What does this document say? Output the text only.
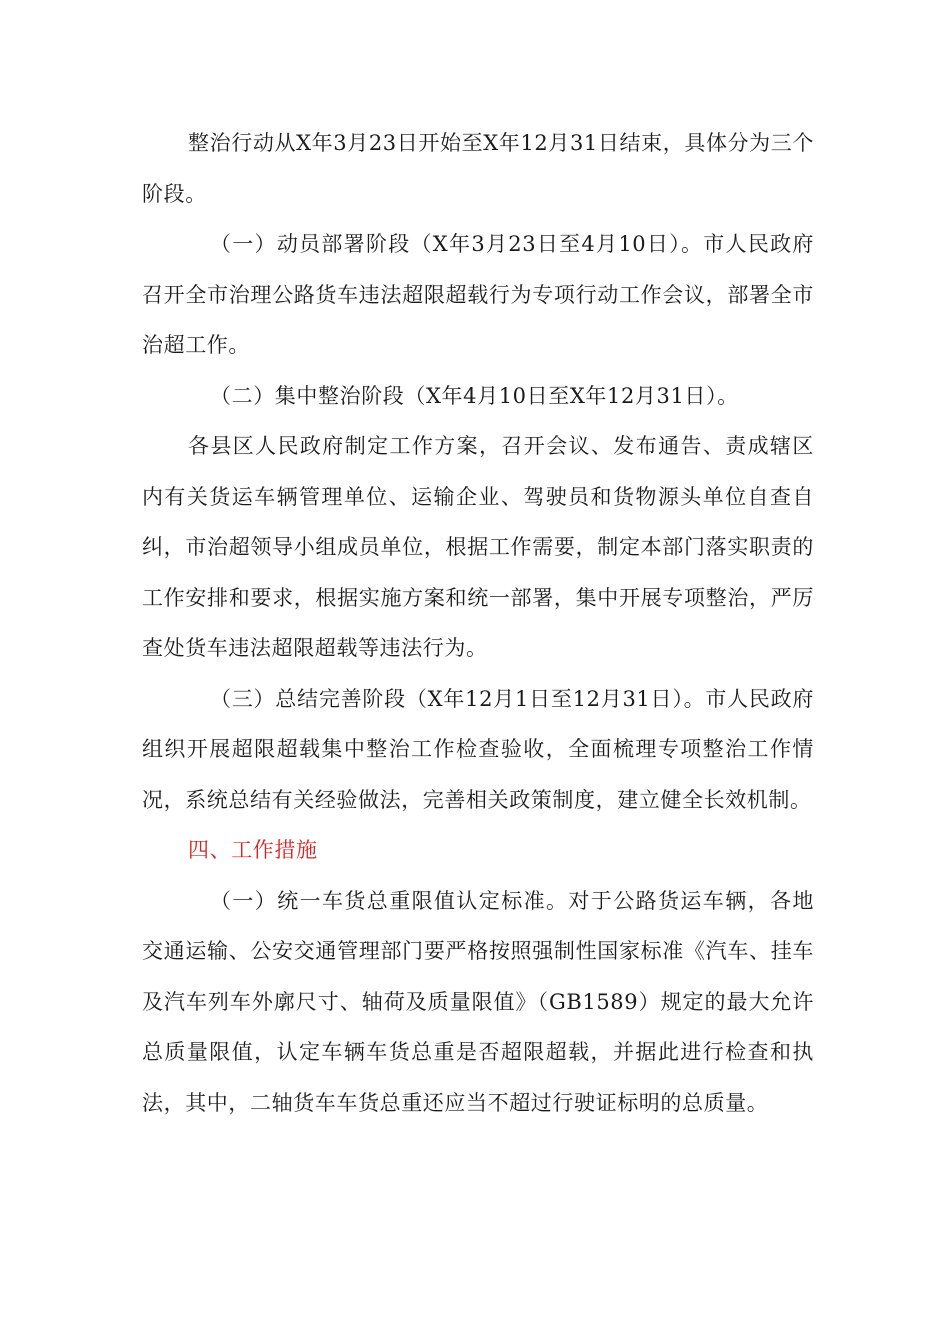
整治行动从X年3月23日开始至X年12月31日结束，具体分为三个阶段。

（一）动员部署阶段（X年3月23日至4月10日）。市人民政府召开全市治理公路货车违法超限超载行为专项行动工作会议，部署全市治超工作。

（二）集中整治阶段（X年4月10日至X年12月31日）。

各县区人民政府制定工作方案，召开会议、发布通告、责成辖区内有关货运车辆管理单位、运输企业、驾驶员和货物源头单位自查自纠，市治超领导小组成员单位，根据工作需要，制定本部门落实职责的工作安排和要求，根据实施方案和统一部署，集中开展专项整治，严厉查处货车违法超限超载等违法行为。

（三）总结完善阶段（X年12月1日至12月31日）。市人民政府组织开展超限超载集中整治工作检查验收，全面梳理专项整治工作情况，系统总结有关经验做法，完善相关政策制度，建立健全长效机制。

四、工作措施

（一）统一车货总重限值认定标准。对于公路货运车辆，各地交通运输、公安交通管理部门要严格按照强制性国家标准《汽车、挂车及汽车列车外廓尺寸、轴荷及质量限值》（GB1589）规定的最大允许总质量限值，认定车辆车货总重是否超限超载，并据此进行检查和执法，其中，二轴货车车货总重还应当不超过行驶证标明的总质量。
